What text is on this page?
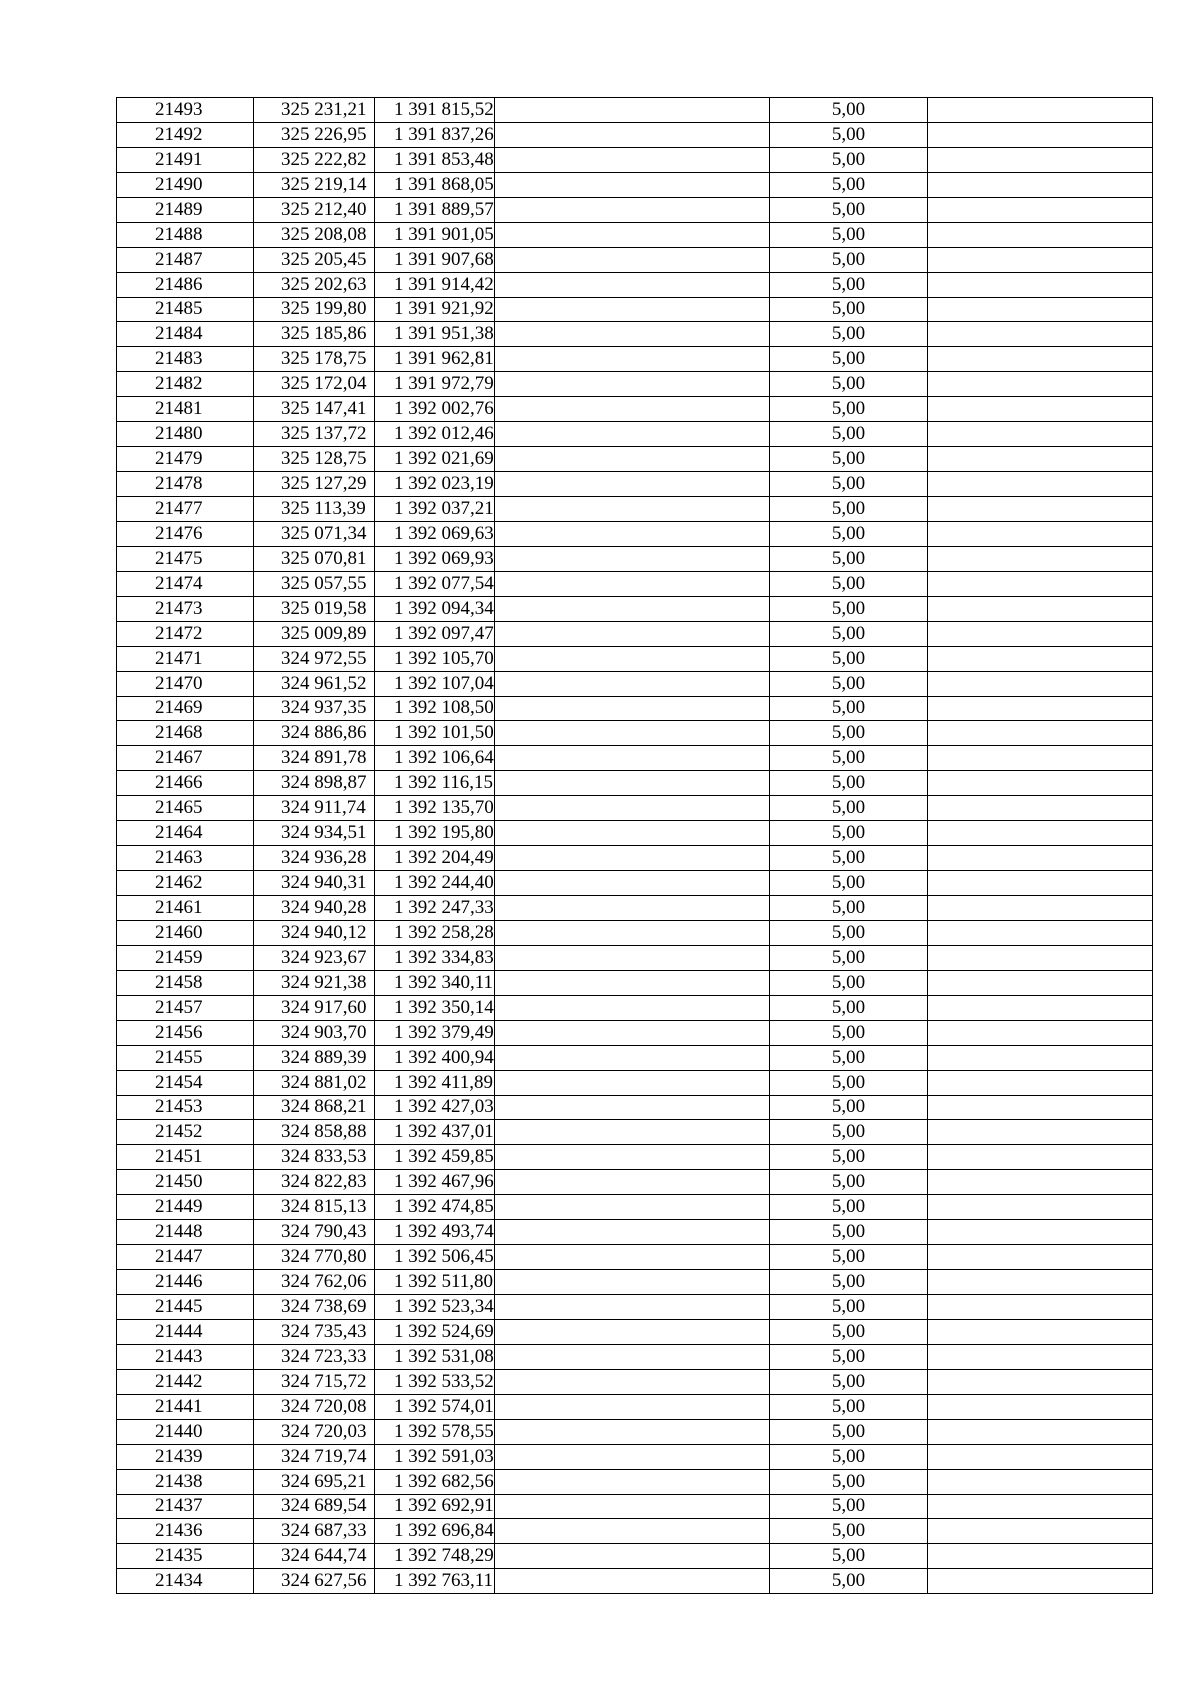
21493	325 231,21	1 391 815,52		5,00	
21492	325 226,95	1 391 837,26		5,00	
21491	325 222,82	1 391 853,48		5,00	
21490	325 219,14	1 391 868,05		5,00	
21489	325 212,40	1 391 889,57		5,00	
21488	325 208,08	1 391 901,05		5,00	
21487	325 205,45	1 391 907,68		5,00	
21486	325 202,63	1 391 914,42		5,00	
21485	325 199,80	1 391 921,92		5,00	
21484	325 185,86	1 391 951,38		5,00	
21483	325 178,75	1 391 962,81		5,00	
21482	325 172,04	1 391 972,79		5,00	
21481	325 147,41	1 392 002,76		5,00	
21480	325 137,72	1 392 012,46		5,00	
21479	325 128,75	1 392 021,69		5,00	
21478	325 127,29	1 392 023,19		5,00	
21477	325 113,39	1 392 037,21		5,00	
21476	325 071,34	1 392 069,63		5,00	
21475	325 070,81	1 392 069,93		5,00	
21474	325 057,55	1 392 077,54		5,00	
21473	325 019,58	1 392 094,34		5,00	
21472	325 009,89	1 392 097,47		5,00	
21471	324 972,55	1 392 105,70		5,00	
21470	324 961,52	1 392 107,04		5,00	
21469	324 937,35	1 392 108,50		5,00	
21468	324 886,86	1 392 101,50		5,00	
21467	324 891,78	1 392 106,64		5,00	
21466	324 898,87	1 392 116,15		5,00	
21465	324 911,74	1 392 135,70		5,00	
21464	324 934,51	1 392 195,80		5,00	
21463	324 936,28	1 392 204,49		5,00	
21462	324 940,31	1 392 244,40		5,00	
21461	324 940,28	1 392 247,33		5,00	
21460	324 940,12	1 392 258,28		5,00	
21459	324 923,67	1 392 334,83		5,00	
21458	324 921,38	1 392 340,11		5,00	
21457	324 917,60	1 392 350,14		5,00	
21456	324 903,70	1 392 379,49		5,00	
21455	324 889,39	1 392 400,94		5,00	
21454	324 881,02	1 392 411,89		5,00	
21453	324 868,21	1 392 427,03		5,00	
21452	324 858,88	1 392 437,01		5,00	
21451	324 833,53	1 392 459,85		5,00	
21450	324 822,83	1 392 467,96		5,00	
21449	324 815,13	1 392 474,85		5,00	
21448	324 790,43	1 392 493,74		5,00	
21447	324 770,80	1 392 506,45		5,00	
21446	324 762,06	1 392 511,80		5,00	
21445	324 738,69	1 392 523,34		5,00	
21444	324 735,43	1 392 524,69		5,00	
21443	324 723,33	1 392 531,08		5,00	
21442	324 715,72	1 392 533,52		5,00	
21441	324 720,08	1 392 574,01		5,00	
21440	324 720,03	1 392 578,55		5,00	
21439	324 719,74	1 392 591,03		5,00	
21438	324 695,21	1 392 682,56		5,00	
21437	324 689,54	1 392 692,91		5,00	
21436	324 687,33	1 392 696,84		5,00	
21435	324 644,74	1 392 748,29		5,00	
21434	324 627,56	1 392 763,11		5,00	
